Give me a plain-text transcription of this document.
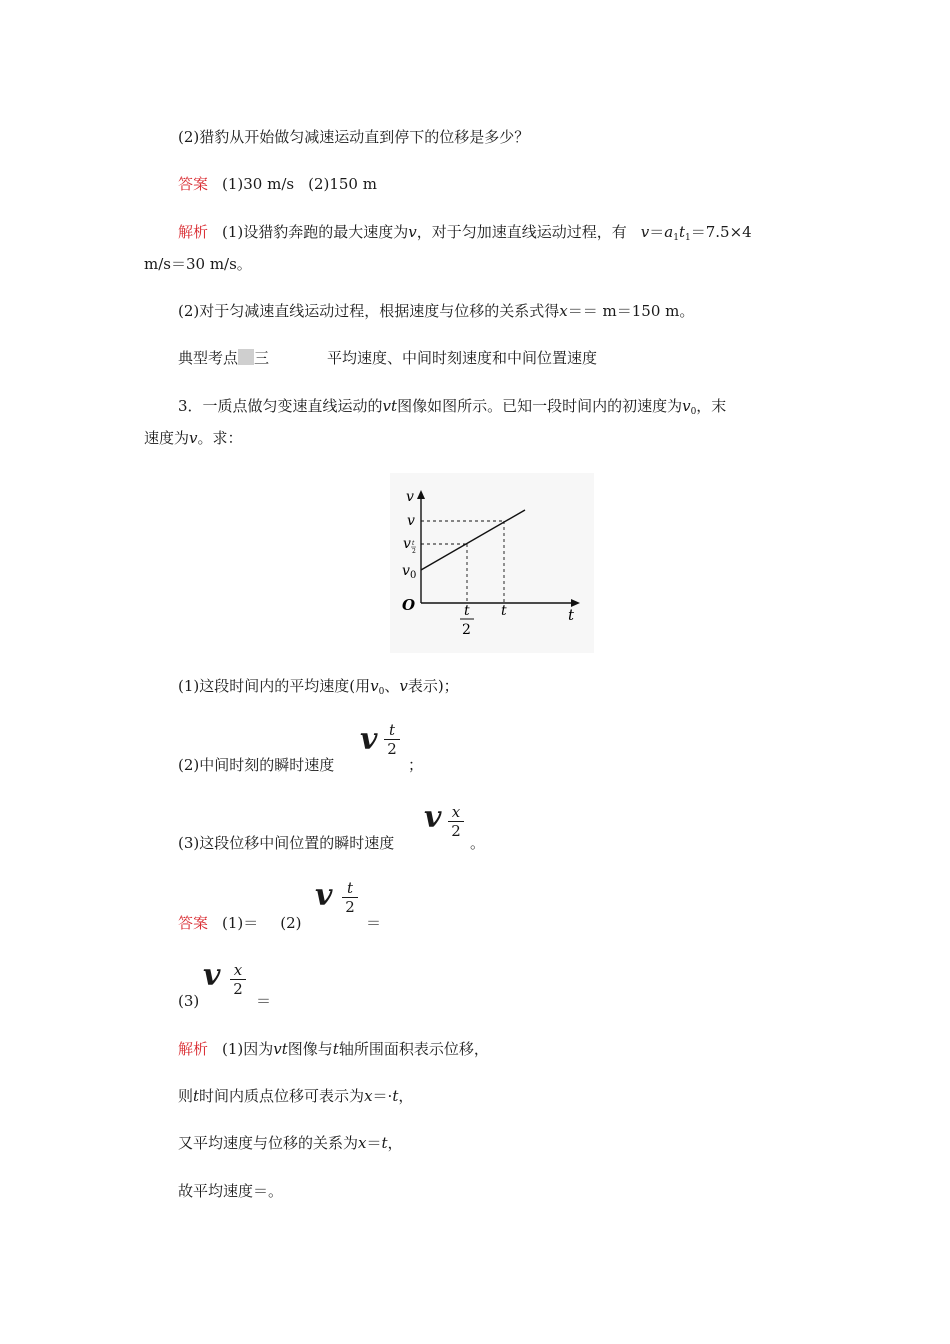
(2)猎豹从开始做匀减速运动直到停下的位移是多少？
答案 (1)30 m/s (2)150 m
解析 (1)设猎豹奔跑的最大速度为v，对于匀加速直线运动过程，有 $v=a_1t_1=7.5\times 4$
m/s＝30 m/s。
(2)对于匀减速直线运动过程，根据速度与位移的关系式得x＝＝ m＝150 m。
典型考点 三	平均速度、中间时刻速度和中间位置速度
3．一质点做匀变速直线运动的vt图像如图所示。已知一段时间内的初速度为$v_0$，末
速度为v。求：
v
t
v
v t
2
v 0
O	t
2
t
(1)这段时间内的平均速度(用$v_0$、v表示)；
(2)中间时刻的瞬时速度
v t
2
；
(3)这段位移中间位置的瞬时速度
v x
2
。
答案 (1)＝ (2)
v t
2
＝
(3)
v x
2
＝
解析 (1)因为vt图像与t轴所围面积表示位移，
则t时间内质点位移可表示为x＝·t，
又平均速度与位移的关系为x＝t，
故平均速度＝。
